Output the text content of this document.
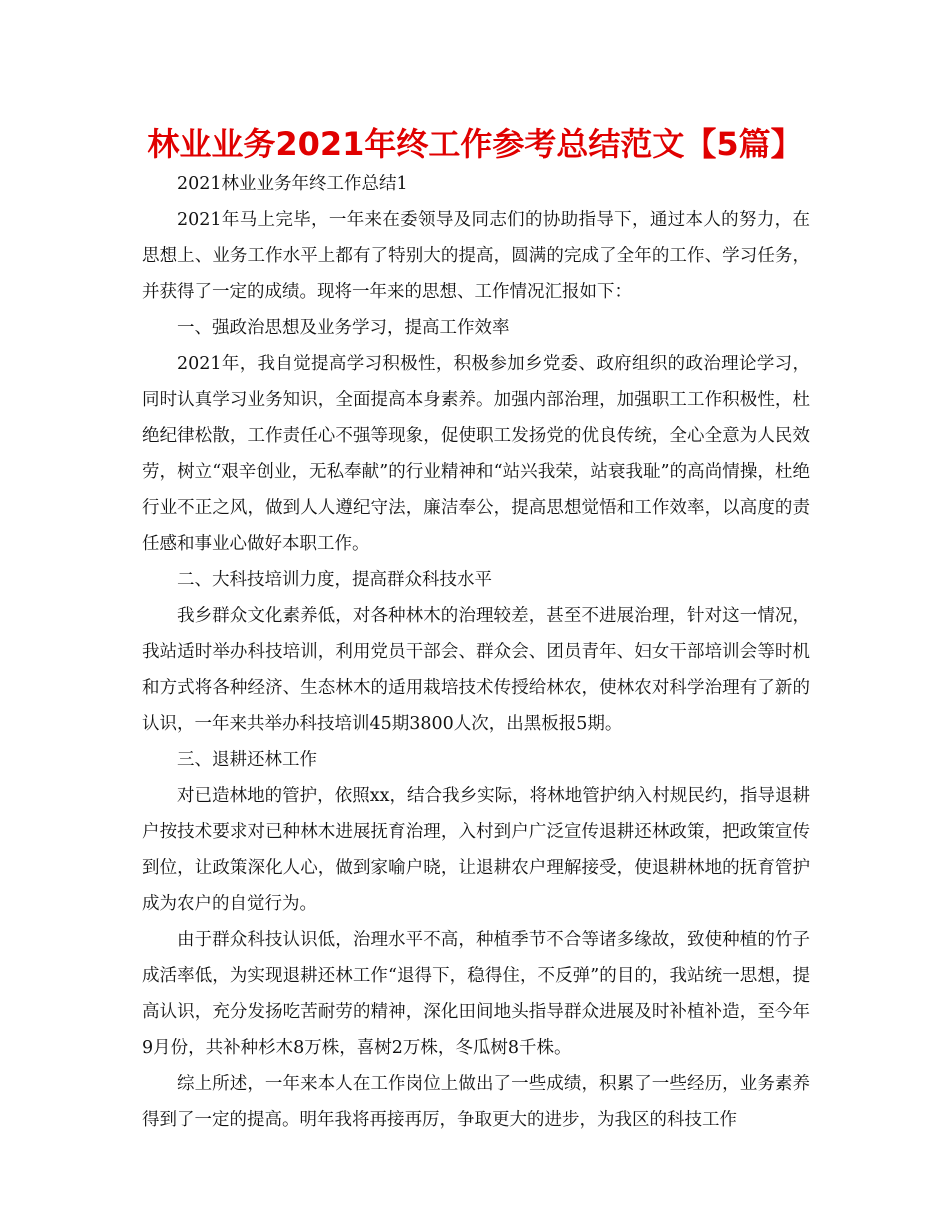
林业业务2021年终工作参考总结范文【5篇】

2021林业业务年终工作总结1

2021年马上完毕，一年来在委领导及同志们的协助指导下，通过本人的努力，在思想上、业务工作水平上都有了特别大的提高，圆满的完成了全年的工作、学习任务，并获得了一定的成绩。现将一年来的思想、工作情况汇报如下：

一、强政治思想及业务学习，提高工作效率

2021年，我自觉提高学习积极性，积极参加乡党委、政府组织的政治理论学习，同时认真学习业务知识，全面提高本身素养。加强内部治理，加强职工工作积极性，杜绝纪律松散，工作责任心不强等现象，促使职工发扬党的优良传统，全心全意为人民效劳，树立“艰辛创业，无私奉献”的行业精神和“站兴我荣，站衰我耻”的高尚情操，杜绝行业不正之风，做到人人遵纪守法，廉洁奉公，提高思想觉悟和工作效率，以高度的责任感和事业心做好本职工作。

二、大科技培训力度，提高群众科技水平

我乡群众文化素养低，对各种林木的治理较差，甚至不进展治理，针对这一情况，我站适时举办科技培训，利用党员干部会、群众会、团员青年、妇女干部培训会等时机和方式将各种经济、生态林木的适用栽培技术传授给林农，使林农对科学治理有了新的认识，一年来共举办科技培训45期3800人次，出黑板报5期。

三、退耕还林工作

对已造林地的管护，依照xx，结合我乡实际，将林地管护纳入村规民约，指导退耕户按技术要求对已种林木进展抚育治理，入村到户广泛宣传退耕还林政策，把政策宣传到位，让政策深化人心，做到家喻户晓，让退耕农户理解接受，使退耕林地的抚育管护成为农户的自觉行为。

由于群众科技认识低，治理水平不高，种植季节不合等诸多缘故，致使种植的竹子成活率低，为实现退耕还林工作“退得下，稳得住，不反弹”的目的，我站统一思想，提高认识，充分发扬吃苦耐劳的精神，深化田间地头指导群众进展及时补植补造，至今年9月份，共补种杉木8万株，喜树2万株，冬瓜树8千株。

综上所述，一年来本人在工作岗位上做出了一些成绩，积累了一些经历，业务素养得到了一定的提高。明年我将再接再厉，争取更大的进步，为我区的科技工作
